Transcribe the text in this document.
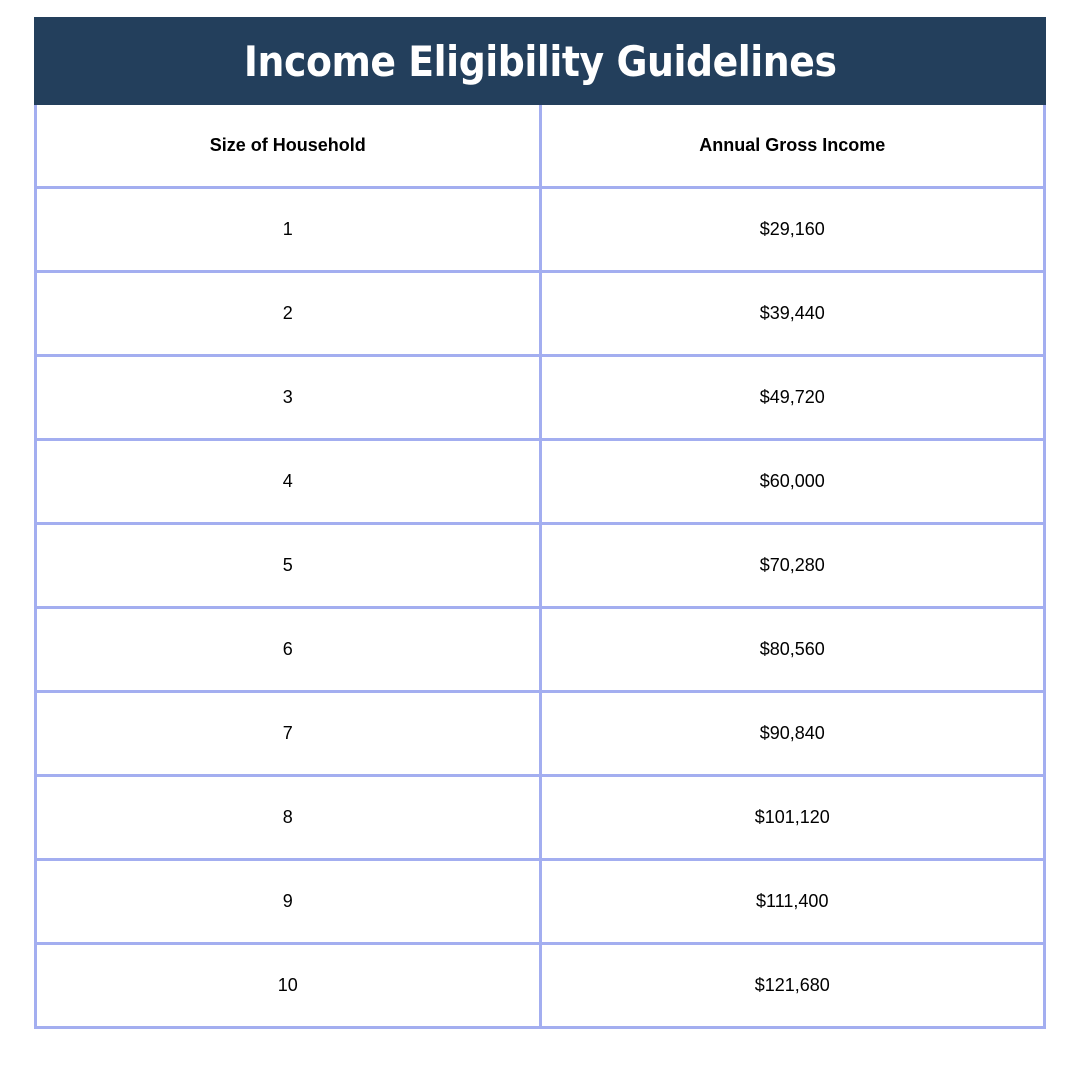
Income Eligibility Guidelines
Size of Household	Annual Gross Income
1	$29,160
2	$39,440
3	$49,720
4	$60,000
5	$70,280
6	$80,560
7	$90,840
8	$101,120
9	$111,400
10	$121,680
